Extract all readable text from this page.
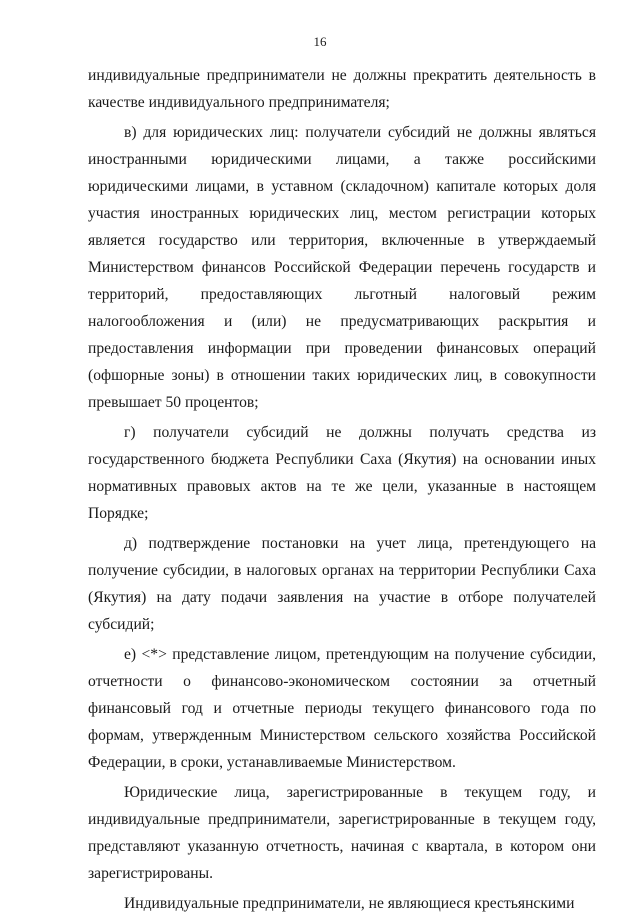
16

индивидуальные предприниматели не должны прекратить деятельность в качестве индивидуального предпринимателя;

в) для юридических лиц: получатели субсидий не должны являться иностранными юридическими лицами, а также российскими юридическими лицами, в уставном (складочном) капитале которых доля участия иностранных юридических лиц, местом регистрации которых является государство или территория, включенные в утверждаемый Министерством финансов Российской Федерации перечень государств и территорий, предоставляющих льготный налоговый режим налогообложения и (или) не предусматривающих раскрытия и предоставления информации при проведении финансовых операций (офшорные зоны) в отношении таких юридических лиц, в совокупности превышает 50 процентов;

г) получатели субсидий не должны получать средства из государственного бюджета Республики Саха (Якутия) на основании иных нормативных правовых актов на те же цели, указанные в настоящем Порядке;

д) подтверждение постановки на учет лица, претендующего на получение субсидии, в налоговых органах на территории Республики Саха (Якутия) на дату подачи заявления на участие в отборе получателей субсидий;

е) <*> представление лицом, претендующим на получение субсидии, отчетности о финансово-экономическом состоянии за отчетный финансовый год и отчетные периоды текущего финансового года по формам, утвержденным Министерством сельского хозяйства Российской Федерации, в сроки, устанавливаемые Министерством.

Юридические лица, зарегистрированные в текущем году, и индивидуальные предприниматели, зарегистрированные в текущем году, представляют указанную отчетность, начиная с квартала, в котором они зарегистрированы.

Индивидуальные предприниматели, не являющиеся крестьянскими
